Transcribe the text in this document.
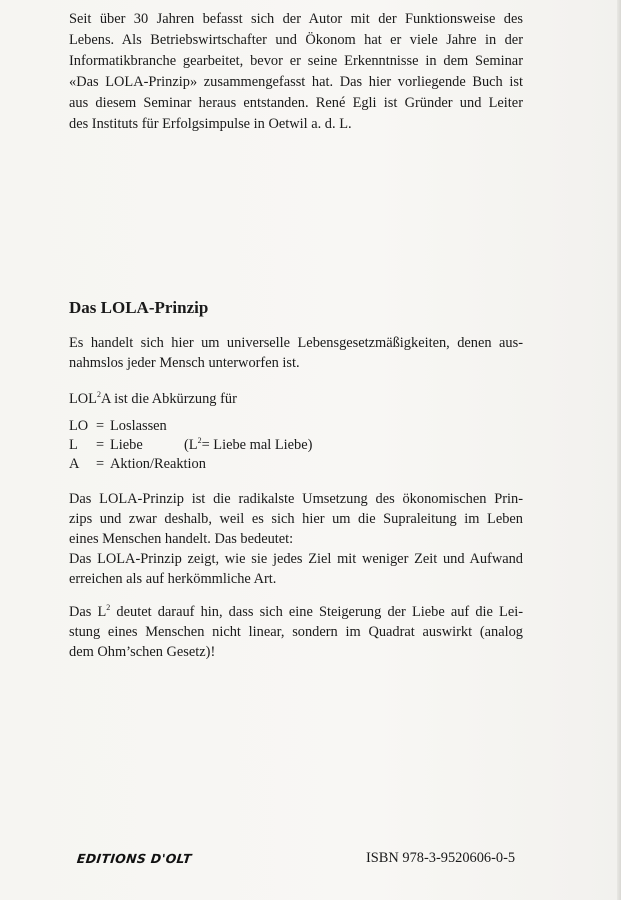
Seit über 30 Jahren befasst sich der Autor mit der Funktionsweise des
Lebens. Als Betriebswirtschafter und Ökonom hat er viele Jahre in der
Informatikbranche gearbeitet, bevor er seine Erkenntnisse in dem Seminar
«Das LOLA-Prinzip» zusammengefasst hat. Das hier vorliegende Buch ist
aus diesem Seminar heraus entstanden. René Egli ist Gründer und Leiter
des Instituts für Erfolgsimpulse in Oetwil a. d. L.
Das LOLA-Prinzip
Es handelt sich hier um universelle Lebensgesetzmäßigkeiten, denen aus-
nahmslos jeder Mensch unterworfen ist.
LOL$^2$A ist die Abkürzung für
LO = Loslassen
L	= Liebe	($L^2=$ Liebe mal Liebe)
A	= Aktion/Reaktion
Das LOLA-Prinzip ist die radikalste Umsetzung des ökonomischen Prin-
zips und zwar deshalb, weil es sich hier um die Supraleitung im Leben
eines Menschen handelt. Das bedeutet:
Das LOLA-Prinzip zeigt, wie sie jedes Ziel mit weniger Zeit und Aufwand
erreichen als auf herkömmliche Art.
Das $L^2$ deutet darauf hin, dass sich eine Steigerung der Liebe auf die Lei-
stung eines Menschen nicht linear, sondern im Quadrat auswirkt (analog
dem Ohm’schen Gesetz)!
EDITIONS D'OLT	ISBN 978-3-9520606-0-5
